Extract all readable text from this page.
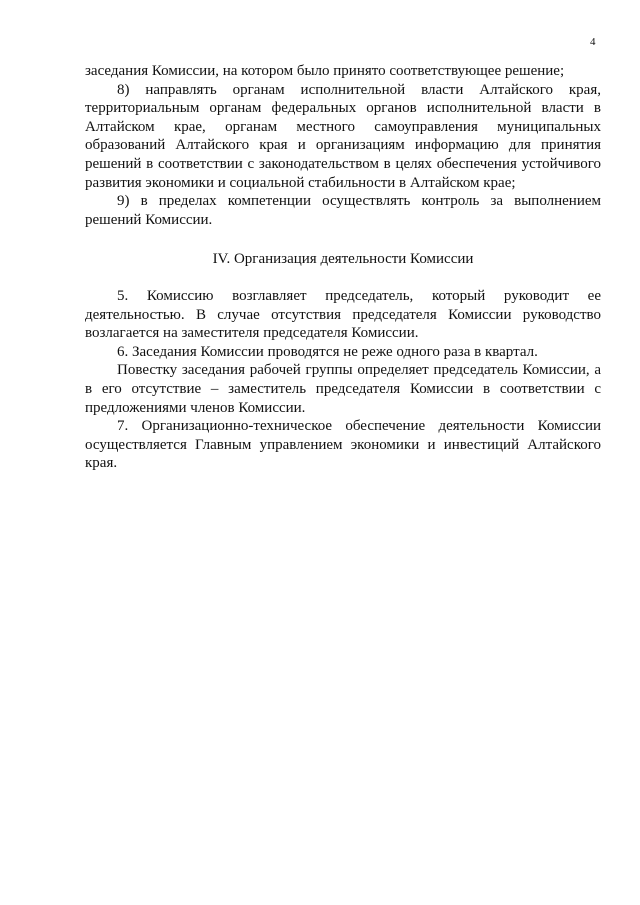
4

заседания Комиссии, на котором было принято соответствующее решение;

8) направлять органам исполнительной власти Алтайского края, территориальным органам федеральных органов исполнительной власти в Алтайском крае, органам местного самоуправления муниципальных образований Алтайского края и организациям информацию для принятия решений в соответствии с законодательством в целях обеспечения устойчивого развития экономики и социальной стабильности в Алтайском крае;

9) в пределах компетенции осуществлять контроль за выполнением решений Комиссии.

IV. Организация деятельности Комиссии

5. Комиссию возглавляет председатель, который руководит ее деятельностью. В случае отсутствия председателя Комиссии руководство возлагается на заместителя председателя Комиссии.

6. Заседания Комиссии проводятся не реже одного раза в квартал.

Повестку заседания рабочей группы определяет председатель Комиссии, а в его отсутствие – заместитель председателя Комиссии в соответствии с предложениями членов Комиссии.

7. Организационно-техническое обеспечение деятельности Комиссии осуществляется Главным управлением экономики и инвестиций Алтайского края.
